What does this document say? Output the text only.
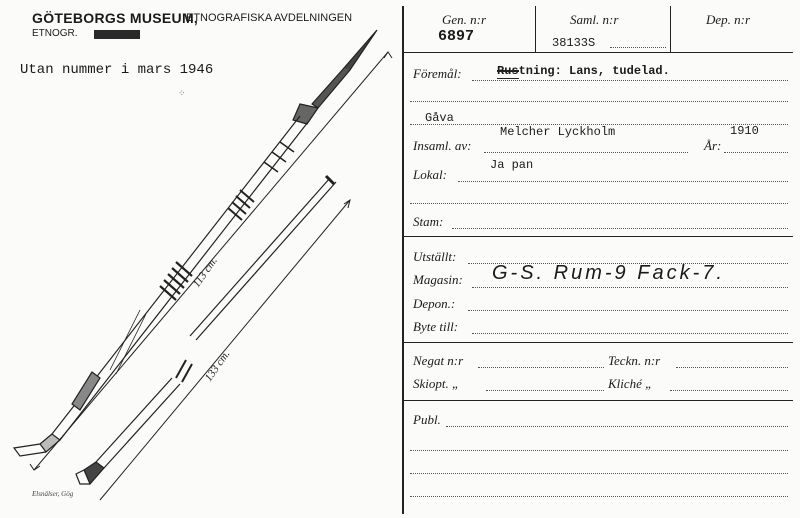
GÖTEBORGS MUSEUM,
ETNOGRAFISKA AVDELNINGEN
ETNOGR.
Utan nummer i mars 1946
⁘
113 cm.
133 cm.
Elsnälser, Gög
Gen. n:r
6897
Saml. n:r
38133S
Dep. n:r
Föremål:	Rustning: Lans, tudelad.
Gåva
Insaml. av:
Melcher Lyckholm
År:
1910
Lokal:
Ja pan
Stam:
Utställt:
Magasin: G-S. Rum-9 Fack-7.
Depon.:
Byte till:
Negat n:r	Teckn. n:r
Skiopt. „	Kliché „
Publ.
